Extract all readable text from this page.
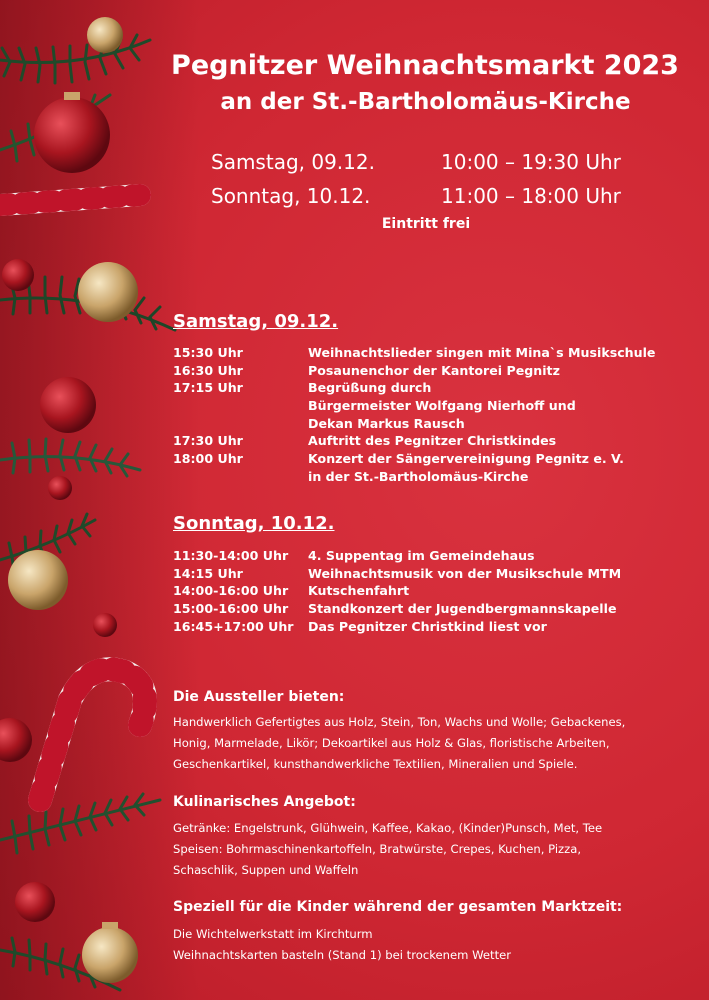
Pegnitzer Weihnachtsmarkt 2023
an der St.-Bartholomäus-Kirche
Samstag, 09.12.	10:00 – 19:30 Uhr
Sonntag, 10.12.	11:00 – 18:00 Uhr
Eintritt frei
Samstag, 09.12.
15:30 Uhr	Weihnachtslieder singen mit Mina`s Musikschule
16:30 Uhr	Posaunenchor der Kantorei Pegnitz
17:15 Uhr	Begrüßung durch
Bürgermeister Wolfgang Nierhoff und
Dekan Markus Rausch
17:30 Uhr	Auftritt des Pegnitzer Christkindes
18:00 Uhr	Konzert der Sängervereinigung Pegnitz e. V.
in der St.-Bartholomäus-Kirche
Sonntag, 10.12.
11:30-14:00 Uhr 4. Suppentag im Gemeindehaus
14:15 Uhr	Weihnachtsmusik von der Musikschule MTM
14:00-16:00 Uhr Kutschenfahrt
15:00-16:00 Uhr Standkonzert der Jugendbergmannskapelle
16:45+17:00 Uhr Das Pegnitzer Christkind liest vor
Die Aussteller bieten:
Handwerklich Gefertigtes aus Holz, Stein, Ton, Wachs und Wolle; Gebackenes,
Honig, Marmelade, Likör; Dekoartikel aus Holz & Glas, floristische Arbeiten,
Geschenkartikel, kunsthandwerkliche Textilien, Mineralien und Spiele.
Kulinarisches Angebot:
Getränke: Engelstrunk, Glühwein, Kaffee, Kakao, (Kinder)Punsch, Met, Tee
Speisen: Bohrmaschinenkartoffeln, Bratwürste, Crepes, Kuchen, Pizza,
Schaschlik, Suppen und Waffeln
Speziell für die Kinder während der gesamten Marktzeit:
Die Wichtelwerkstatt im Kirchturm
Weihnachtskarten basteln (Stand 1) bei trockenem Wetter
